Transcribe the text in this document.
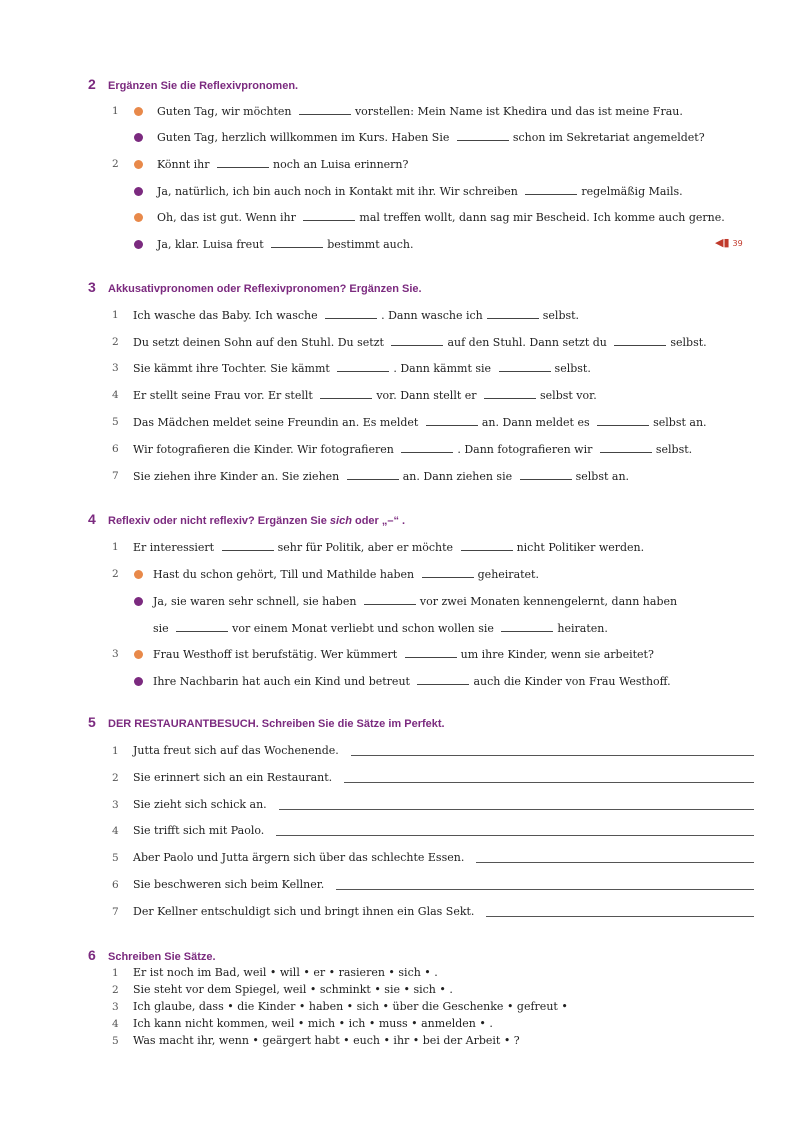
2 Ergänzen Sie die Reflexivpronomen.
1	Guten Tag, wir möchten	vorstellen: Mein Name ist Khedira und das ist meine Frau.
Guten Tag, herzlich willkommen im Kurs. Haben Sie	schon im Sekretariat angemeldet?
2	Könnt ihr	noch an Luisa erinnern?
Ja, natürlich, ich bin auch noch in Kontakt mit ihr. Wir schreiben	regelmäßig Mails.
Oh, das ist gut. Wenn ihr	mal treffen wollt, dann sag mir Bescheid. Ich komme auch gerne.
Ja, klar. Luisa freut	bestimmt auch.	◀▮ 39
3 Akkusativpronomen oder Reflexivpronomen? Ergänzen Sie.
1	Ich wasche das Baby. Ich wasche	. Dann wasche ich	selbst.
2	Du setzt deinen Sohn auf den Stuhl. Du setzt	auf den Stuhl. Dann setzt du	selbst.
3	Sie kämmt ihre Tochter. Sie kämmt	. Dann kämmt sie	selbst.
4	Er stellt seine Frau vor. Er stellt	vor. Dann stellt er	selbst vor.
5	Das Mädchen meldet seine Freundin an. Es meldet	an. Dann meldet es	selbst an.
6	Wir fotografieren die Kinder. Wir fotografieren	. Dann fotografieren wir	selbst.
7	Sie ziehen ihre Kinder an. Sie ziehen	an. Dann ziehen sie	selbst an.
4 Reflexiv oder nicht reflexiv? Ergänzen Sie sich oder „–“ .
1	Er interessiert	sehr für Politik, aber er möchte	nicht Politiker werden.
2	Hast du schon gehört, Till und Mathilde haben	geheiratet.
Ja, sie waren sehr schnell, sie haben	vor zwei Monaten kennengelernt, dann haben
sie	vor einem Monat verliebt und schon wollen sie	heiraten.
3	Frau Westhoff ist berufstätig. Wer kümmert	um ihre Kinder, wenn sie arbeitet?
Ihre Nachbarin hat auch ein Kind und betreut	auch die Kinder von Frau Westhoff.
5 DER RESTAURANTBESUCH. Schreiben Sie die Sätze im Perfekt.
1	Jutta freut sich auf das Wochenende.
2	Sie erinnert sich an ein Restaurant.
3	Sie zieht sich schick an.
4	Sie trifft sich mit Paolo.
5	Aber Paolo und Jutta ärgern sich über das schlechte Essen.
6	Sie beschweren sich beim Kellner.
7	Der Kellner entschuldigt sich und bringt ihnen ein Glas Sekt.
6 Schreiben Sie Sätze.
1	Er ist noch im Bad, weil • will • er • rasieren • sich • .
2	Sie steht vor dem Spiegel, weil • schminkt • sie • sich • .
3	Ich glaube, dass • die Kinder • haben • sich • über die Geschenke • gefreut •
4	Ich kann nicht kommen, weil • mich • ich • muss • anmelden • .
5	Was macht ihr, wenn • geärgert habt • euch • ihr • bei der Arbeit • ?
